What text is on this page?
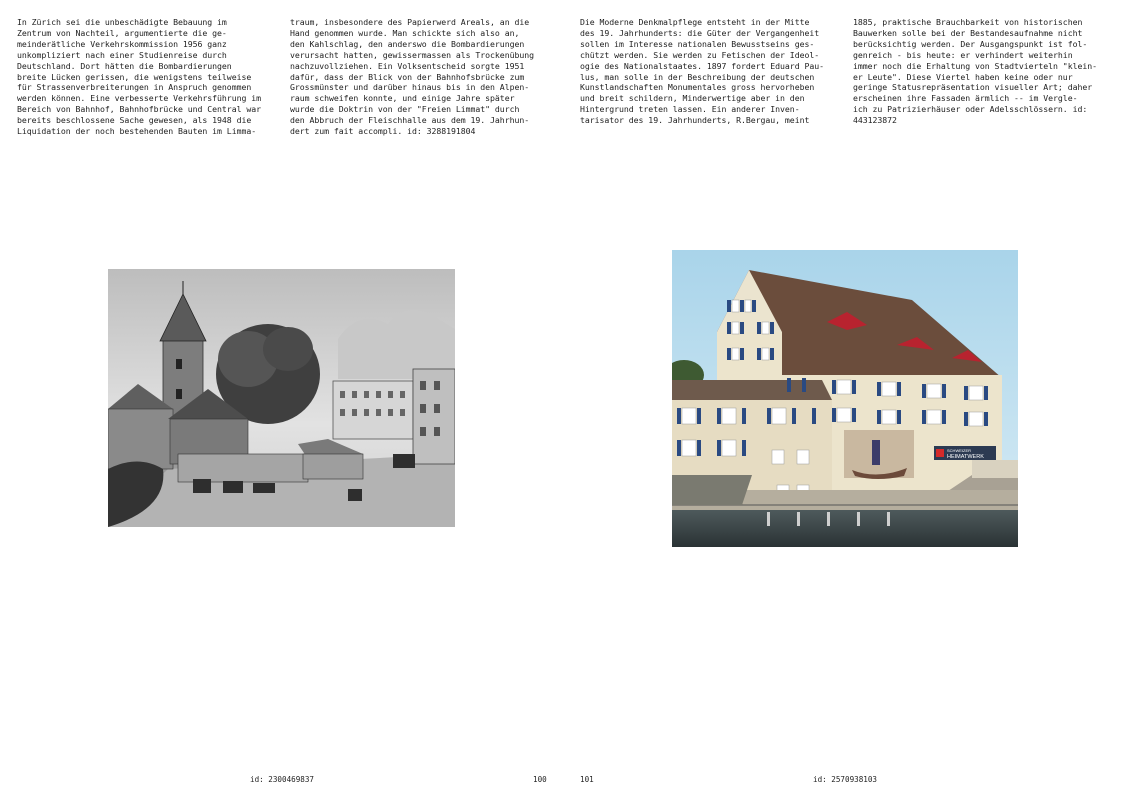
In Zürich sei die unbeschädigte Bebauung im
Zentrum von Nachteil, argumentierte die ge-
meinderätliche Verkehrskommission 1956 ganz
unkompliziert nach einer Studienreise durch
Deutschland. Dort hätten die Bombardierungen
breite Lücken gerissen, die wenigstens teilweise
für Strassenverbreiterungen in Anspruch genommen
werden können. Eine verbesserte Verkehrsführung im
Bereich von Bahnhof, Bahnhofbrücke und Central war
bereits beschlossene Sache gewesen, als 1948 die
Liquidation der noch bestehenden Bauten im Limma-
traum, insbesondere des Papierwerd Areals, an die
Hand genommen wurde. Man schickte sich also an,
den Kahlschlag, den anderswo die Bombardierungen
verursacht hatten, gewissermassen als Trockenübung
nachzuvollziehen. Ein Volksentscheid sorgte 1951
dafür, dass der Blick von der Bahnhofsbrücke zum
Grossmünster und darüber hinaus bis in den Alpen-
raum schweifen konnte, und einige Jahre später
wurde die Doktrin von der "Freien Limmat" durch
den Abbruch der Fleischhalle aus dem 19. Jahrhun-
dert zum fait accompli. id: 3288191804
id: 2300469837	100
Die Moderne Denkmalpflege entsteht in der Mitte
des 19. Jahrhunderts: die Güter der Vergangenheit
sollen im Interesse nationalen Bewusstseins ges-
chützt werden. Sie werden zu Fetischen der Ideol-
ogie des Nationalstaates. 1897 fordert Eduard Pau-
lus, man solle in der Beschreibung der deutschen
Kunstlandschaften Monumentales gross hervorheben
und breit schildern, Minderwertige aber in den
Hintergrund treten lassen. Ein anderer Inven-
tarisator des 19. Jahrhunderts, R.Bergau, meint
1885, praktische Brauchbarkeit von historischen
Bauwerken solle bei der Bestandesaufnahme nicht
berücksichtig werden. Der Ausgangspunkt ist fol-
genreich - bis heute: er verhindert weiterhin
immer noch die Erhaltung von Stadtvierteln "klein-
er Leute". Diese Viertel haben keine oder nur
geringe Statusrepräsentation visueller Art; daher
erscheinen ihre Fassaden ärmlich -- im Vergle-
ich zu Patrizierhäuser oder Adelsschlössern. id:
443123872
SCHWEIZER
HEIMATWERK
101	id: 2570938103
